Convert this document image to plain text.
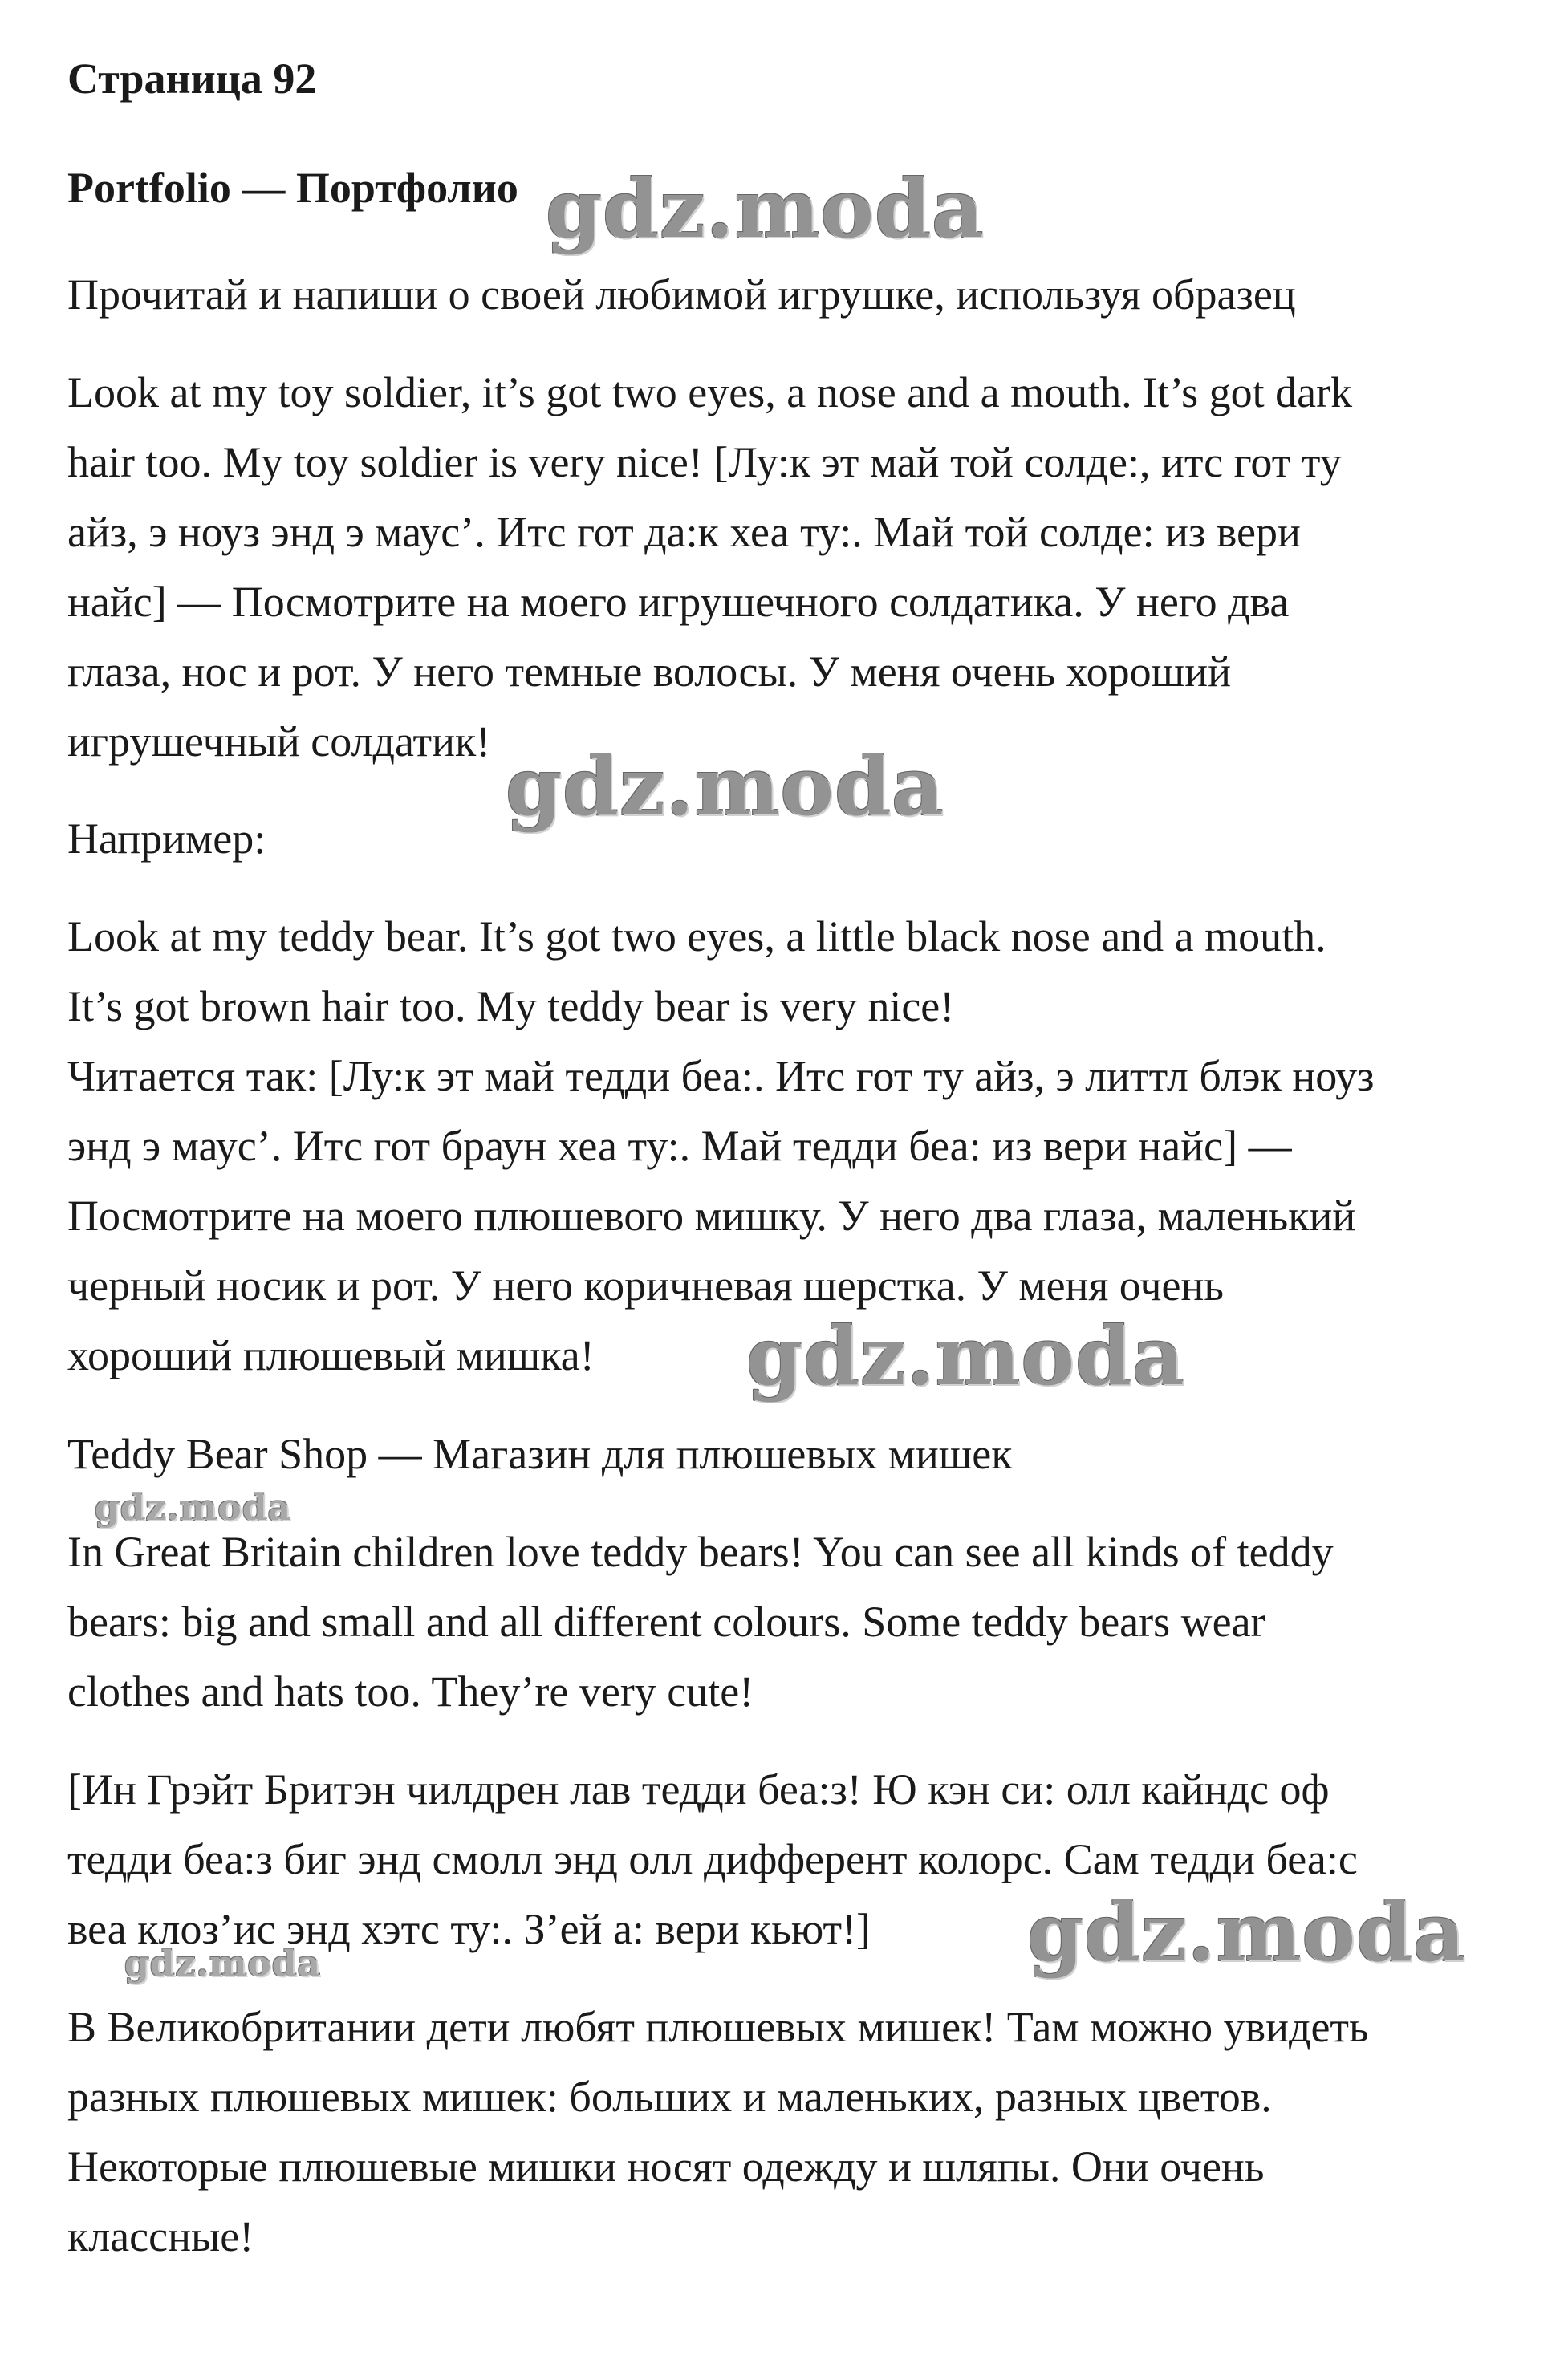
Страница 92
Portfolio — Портфолио
Прочитай и напиши о своей любимой игрушке, используя образец
Look at my toy soldier, it’s got two eyes, a nose and a mouth. It’s got dark
hair too. My toy soldier is very nice! [Лу:к эт май той солде:, итс гот ту
айз, э ноуз энд э маус’. Итс гот да:к хеа ту:. Май той солде: из вери
найс] — Посмотрите на моего игрушечного солдатика. У него два
глаза, нос и рот. У него темные волосы. У меня очень хороший
игрушечный солдатик!
Например:
Look at my teddy bear. It’s got two eyes, a little black nose and a mouth.
It’s got brown hair too. My teddy bear is very nice!
Читается так: [Лу:к эт май тедди беа:. Итс гот ту айз, э литтл блэк ноуз
энд э маус’. Итс гот браун хеа ту:. Май тедди беа: из вери найс] —
Посмотрите на моего плюшевого мишку. У него два глаза, маленький
черный носик и рот. У него коричневая шерстка. У меня очень
хороший плюшевый мишка!
Teddy Bear Shop — Магазин для плюшевых мишек
In Great Britain children love teddy bears! You can see all kinds of teddy
bears: big and small and all different colours. Some teddy bears wear
clothes and hats too. They’re very cute!
[Ин Грэйт Бритэн чилдрен лав тедди беа:з! Ю кэн си: олл кайндс оф
тедди беа:з биг энд смолл энд олл дифферент колорс. Сам тедди беа:с
веа клоз’ис энд хэтс ту:. З’ей а: вери кьют!]
В Великобритании дети любят плюшевых мишек! Там можно увидеть
разных плюшевых мишек: больших и маленьких, разных цветов.
Некоторые плюшевые мишки носят одежду и шляпы. Они очень
классные!
gdz.moda
gdz.moda
gdz.moda
gdz.moda
gdz.moda
gdz.moda
